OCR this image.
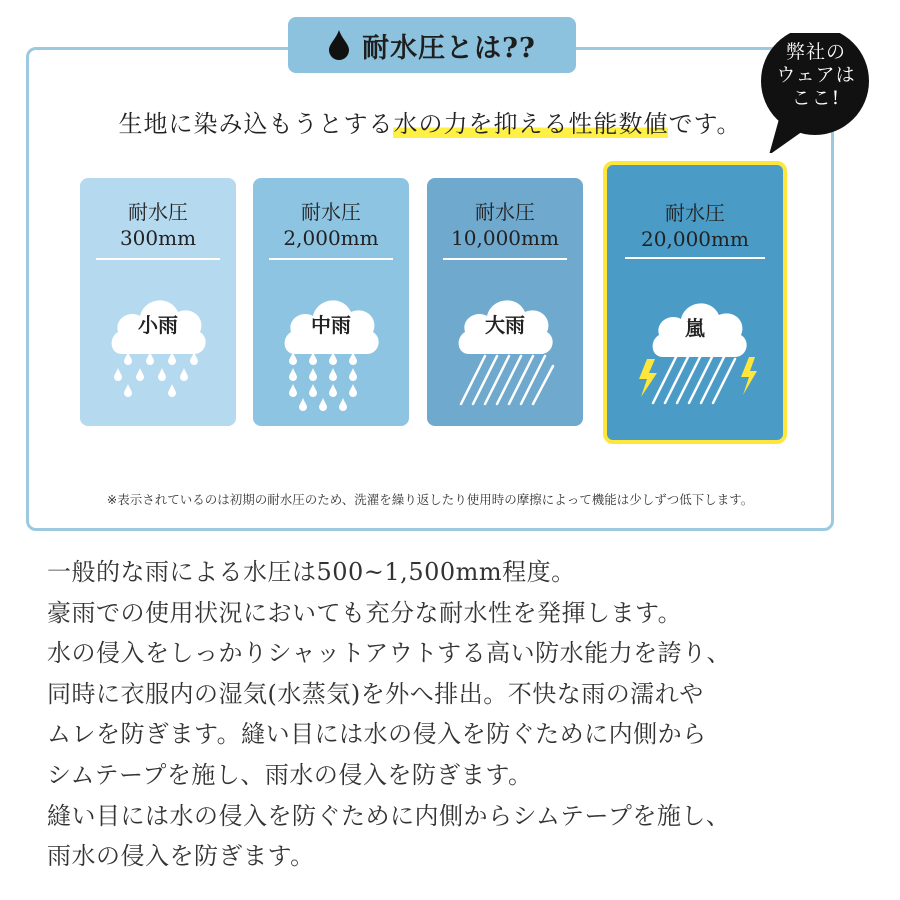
耐水圧とは??	弊社の
ウェアは
ここ!
生地に染み込もうとする水の力を抑える性能数値です。
耐水圧
300mm
小雨
耐水圧
2,000mm
中雨
耐水圧
10,000mm
大雨
耐水圧
20,000mm
嵐
※表示されているのは初期の耐水圧のため、洗濯を繰り返したり使用時の摩擦によって機能は少しずつ低下します。
一般的な雨による水圧は500~1,500mm程度。
豪雨での使用状況においても充分な耐水性を発揮します。
水の侵入をしっかりシャットアウトする高い防水能力を誇り、
同時に衣服内の湿気(水蒸気)を外へ排出。不快な雨の濡れや
ムレを防ぎます。縫い目には水の侵入を防ぐために内側から
シムテープを施し、雨水の侵入を防ぎます。
縫い目には水の侵入を防ぐために内側からシムテープを施し、
雨水の侵入を防ぎます。
